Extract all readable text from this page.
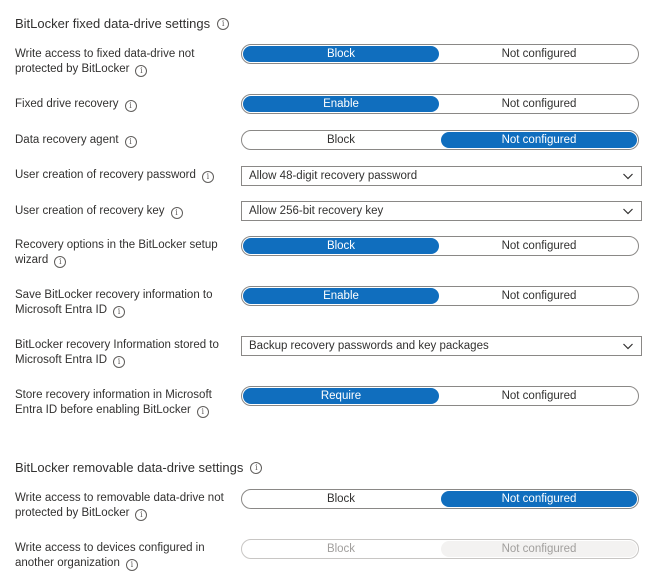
BitLocker fixed data-drive settings	i
Write access to fixed data-drive not protected by BitLocker i
Block	Not configured
Fixed drive recovery i	Enable	Not configured
Data recovery agent i	Block	Not configured
User creation of recovery password i	Allow 48-digit recovery password
User creation of recovery key i	Allow 256-bit recovery key
Recovery options in the BitLocker setup wizard i
Block	Not configured
Save BitLocker recovery information to Microsoft Entra ID i
Enable	Not configured
BitLocker recovery Information stored to Microsoft Entra ID i
Backup recovery passwords and key packages
Store recovery information in Microsoft Entra ID before enabling BitLocker i
Require	Not configured
BitLocker removable data-drive settings	i
Write access to removable data-drive not protected by BitLocker i
Block	Not configured
Write access to devices configured in another organization i
Block	Not configured
